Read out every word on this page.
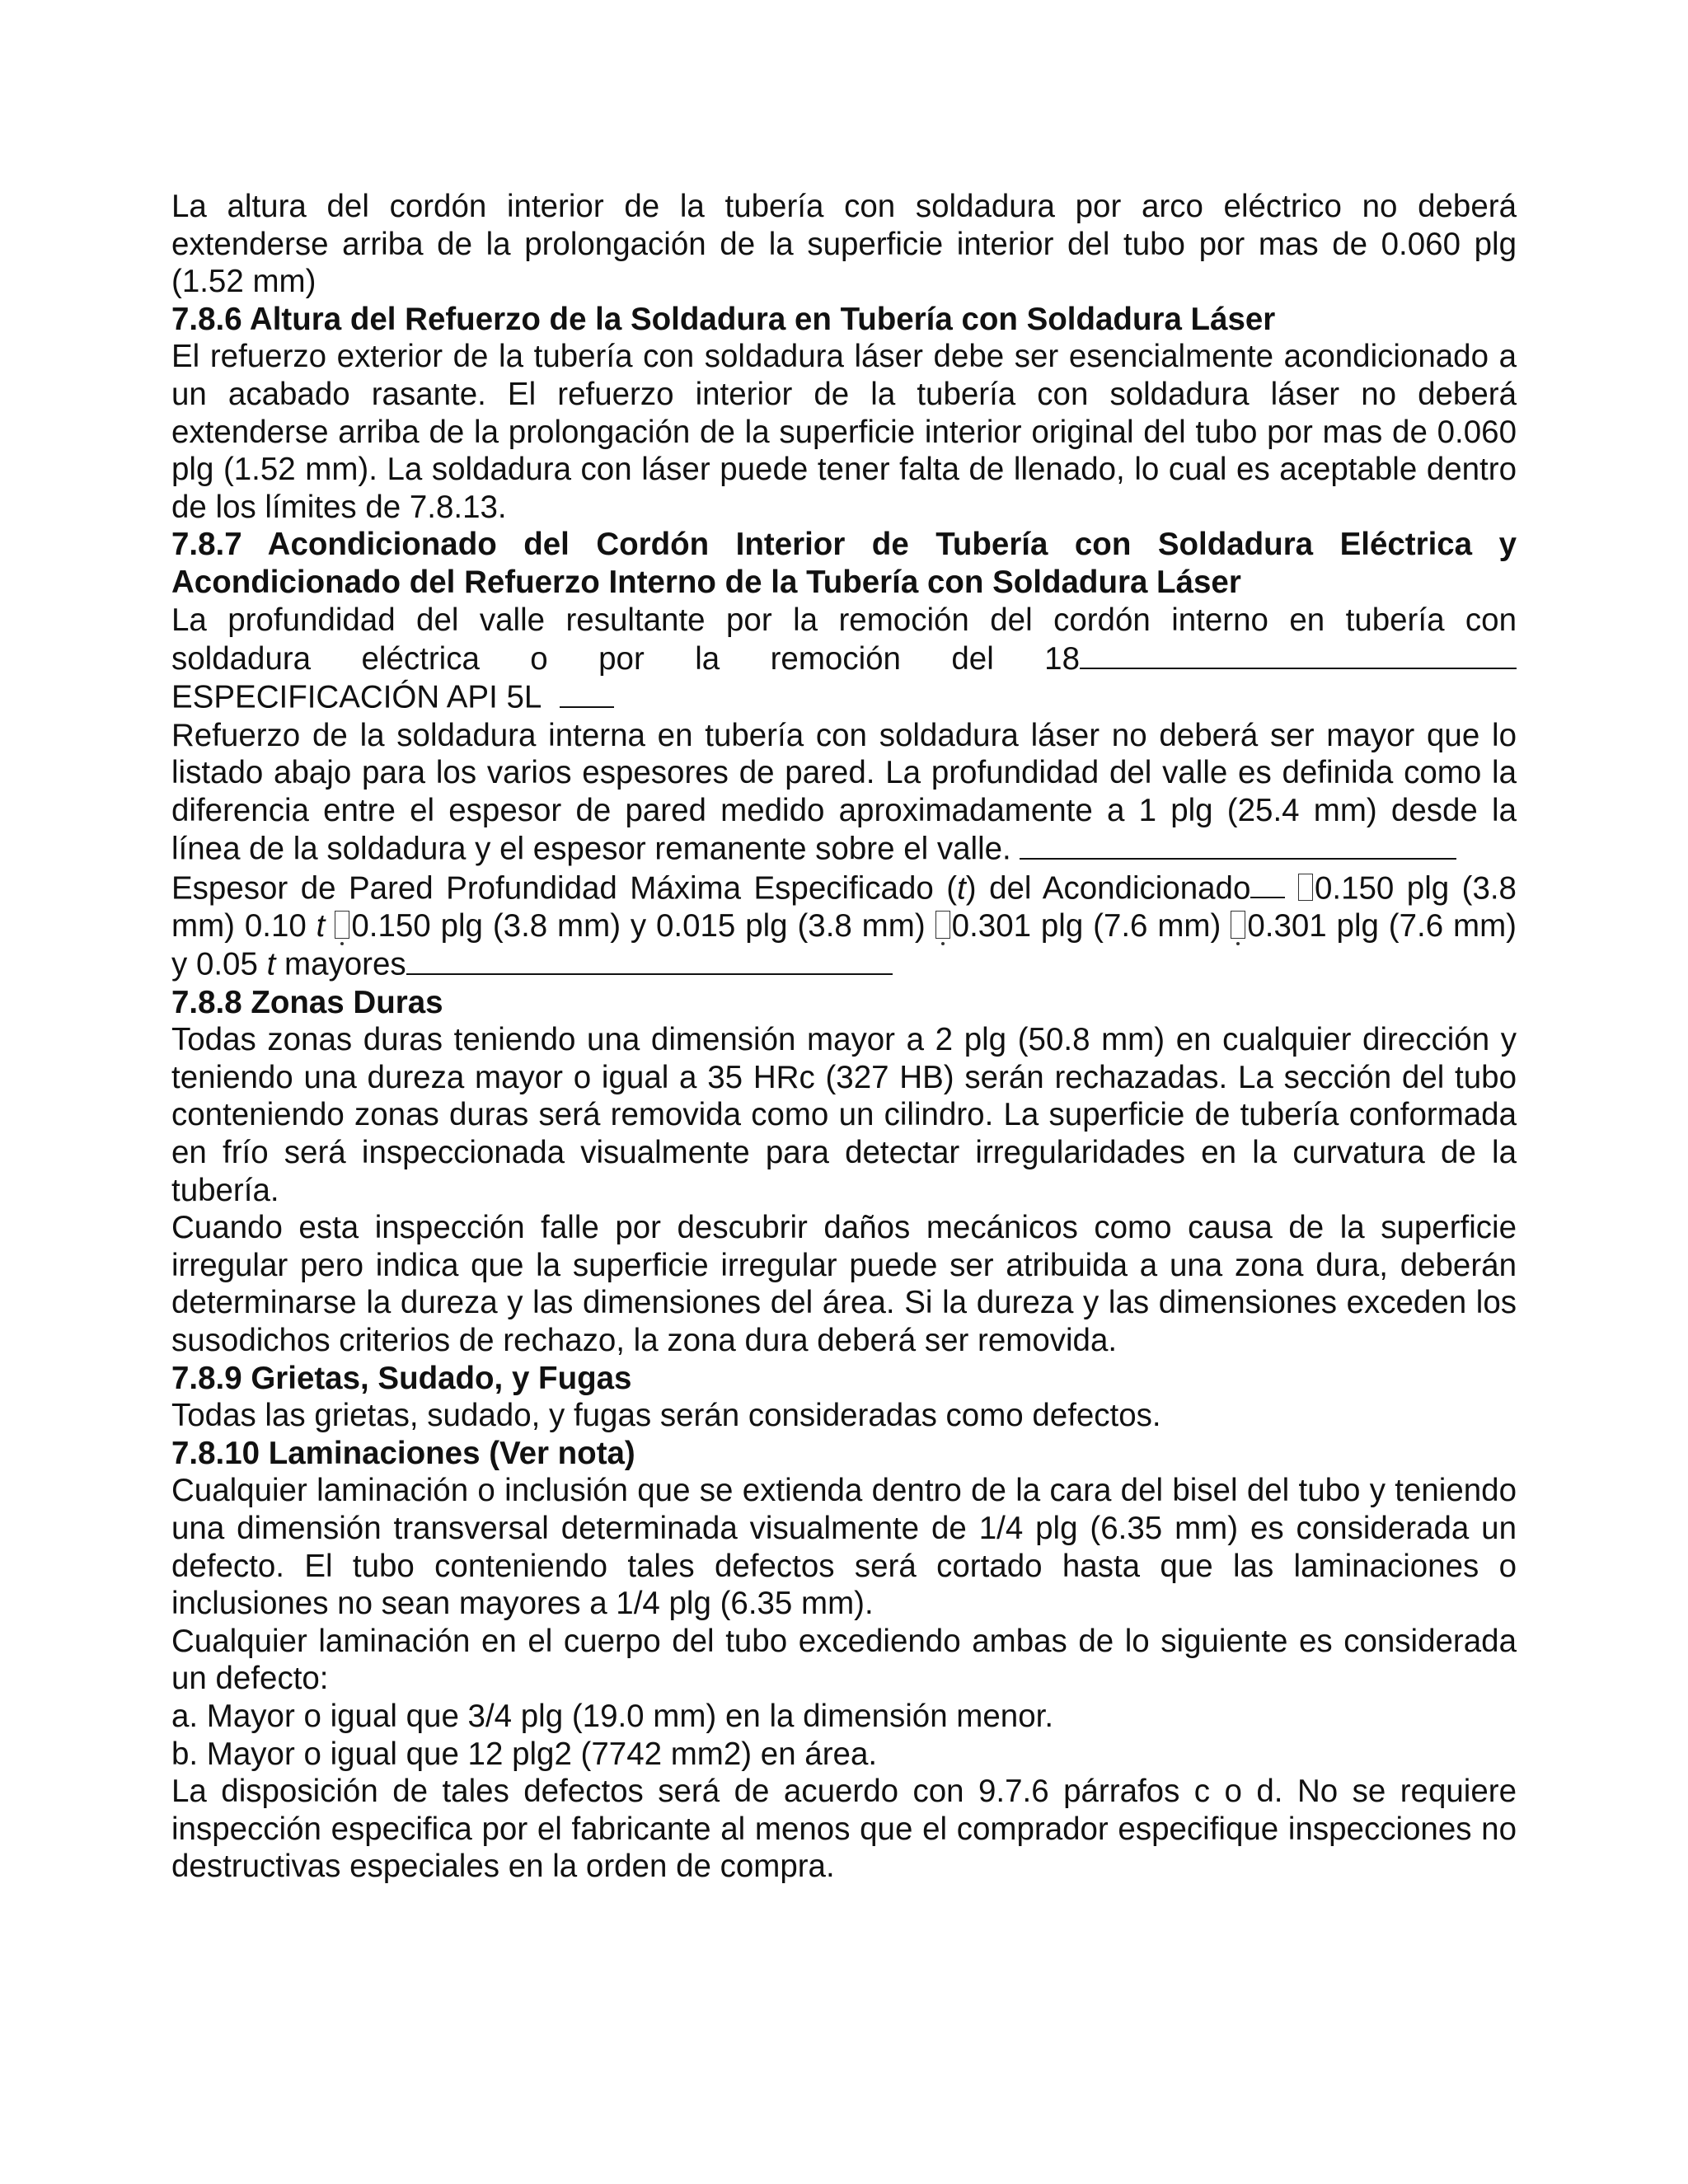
La altura del cordón interior de la tubería con soldadura por arco eléctrico no deberá extenderse arriba de la prolongación de la superficie interior del tubo por mas de 0.060 plg (1.52 mm)

7.8.6 Altura del Refuerzo de la Soldadura en Tubería con Soldadura Láser

El refuerzo exterior de la tubería con soldadura láser debe ser esencialmente acondicionado a un acabado rasante. El refuerzo interior de la tubería con soldadura láser no deberá extenderse arriba de la prolongación de la superficie interior original del tubo por mas de 0.060 plg (1.52 mm). La soldadura con láser puede tener falta de llenado, lo cual es aceptable dentro de los límites de 7.8.13.

7.8.7 Acondicionado del Cordón Interior de Tubería con Soldadura Eléctrica y Acondicionado del Refuerzo Interno de la Tubería con Soldadura Láser

La profundidad del valle resultante por la remoción del cordón interno en tubería con

soldadura eléctrica o por la remoción del 18

ESPECIFICACIÓN API 5L

Refuerzo de la soldadura interna en tubería con soldadura láser no deberá ser mayor que lo listado abajo para los varios espesores de pared. La profundidad del valle es definida como la diferencia entre el espesor de pared medido aproximadamente a 1 plg (25.4 mm) desde la línea de la soldadura y el espesor remanente sobre el valle.

Espesor de Pared Profundidad Máxima Especificado (t) del Acondicionado 0.150 plg (3.8 mm) 0.10 t 0.150 plg (3.8 mm) y 0.015 plg (3.8 mm) 0.301 plg (7.6 mm) 0.301 plg (7.6 mm) y 0.05 t mayores

7.8.8 Zonas Duras

Todas zonas duras teniendo una dimensión mayor a 2 plg (50.8 mm) en cualquier dirección y teniendo una dureza mayor o igual a 35 HRc (327 HB) serán rechazadas. La sección del tubo conteniendo zonas duras será removida como un cilindro. La superficie de tubería conformada en frío será inspeccionada visualmente para detectar irregularidades en la curvatura de la tubería.

Cuando esta inspección falle por descubrir daños mecánicos como causa de la superficie irregular pero indica que la superficie irregular puede ser atribuida a una zona dura, deberán determinarse la dureza y las dimensiones del área. Si la dureza y las dimensiones exceden los susodichos criterios de rechazo, la zona dura deberá ser removida.

7.8.9 Grietas, Sudado, y Fugas

Todas las grietas, sudado, y fugas serán consideradas como defectos.

7.8.10 Laminaciones (Ver nota)

Cualquier laminación o inclusión que se extienda dentro de la cara del bisel del tubo y teniendo una dimensión transversal determinada visualmente de 1/4 plg (6.35 mm) es considerada un defecto. El tubo conteniendo tales defectos será cortado hasta que las laminaciones o inclusiones no sean mayores a 1/4 plg (6.35 mm).

Cualquier laminación en el cuerpo del tubo excediendo ambas de lo siguiente es considerada un defecto:

a. Mayor o igual que 3/4 plg (19.0 mm) en la dimensión menor.

b. Mayor o igual que 12 plg2 (7742 mm2) en área.

La disposición de tales defectos será de acuerdo con 9.7.6 párrafos c o d. No se requiere inspección especifica por el fabricante al menos que el comprador especifique inspecciones no destructivas especiales en la orden de compra.
